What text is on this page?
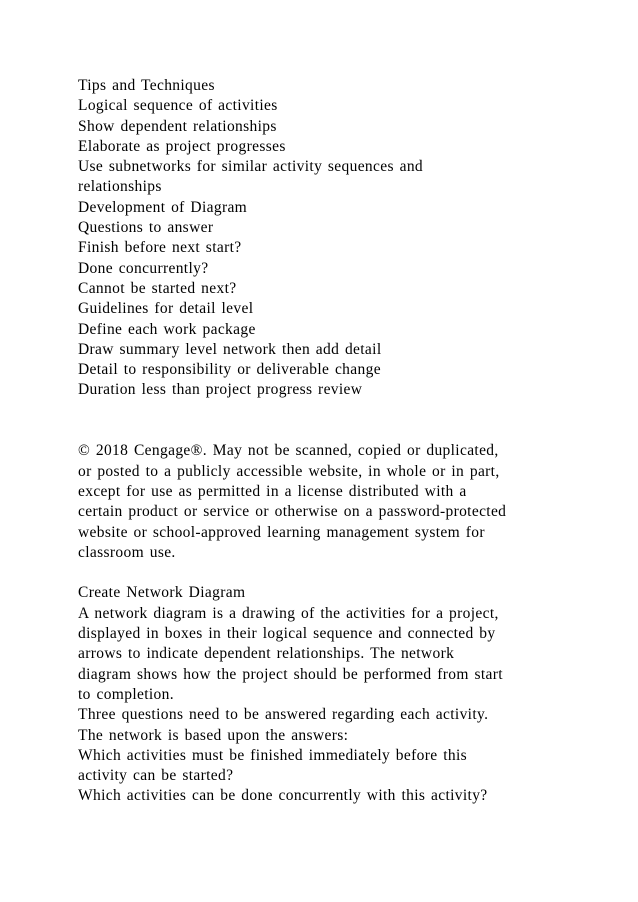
Tips and Techniques
Logical sequence of activities
Show dependent relationships
Elaborate as project progresses
Use subnetworks for similar activity sequences and
relationships
Development of Diagram
Questions to answer
Finish before next start?
Done concurrently?
Cannot be started next?
Guidelines for detail level
Define each work package
Draw summary level network then add detail
Detail to responsibility or deliverable change
Duration less than project progress review
© 2018 Cengage®. May not be scanned, copied or duplicated,
or posted to a publicly accessible website, in whole or in part,
except for use as permitted in a license distributed with a
certain product or service or otherwise on a password-protected
website or school-approved learning management system for
classroom use.
Create Network Diagram
A network diagram is a drawing of the activities for a project,
displayed in boxes in their logical sequence and connected by
arrows to indicate dependent relationships. The network
diagram shows how the project should be performed from start
to completion.
Three questions need to be answered regarding each activity.
The network is based upon the answers:
Which activities must be finished immediately before this
activity can be started?
Which activities can be done concurrently with this activity?
